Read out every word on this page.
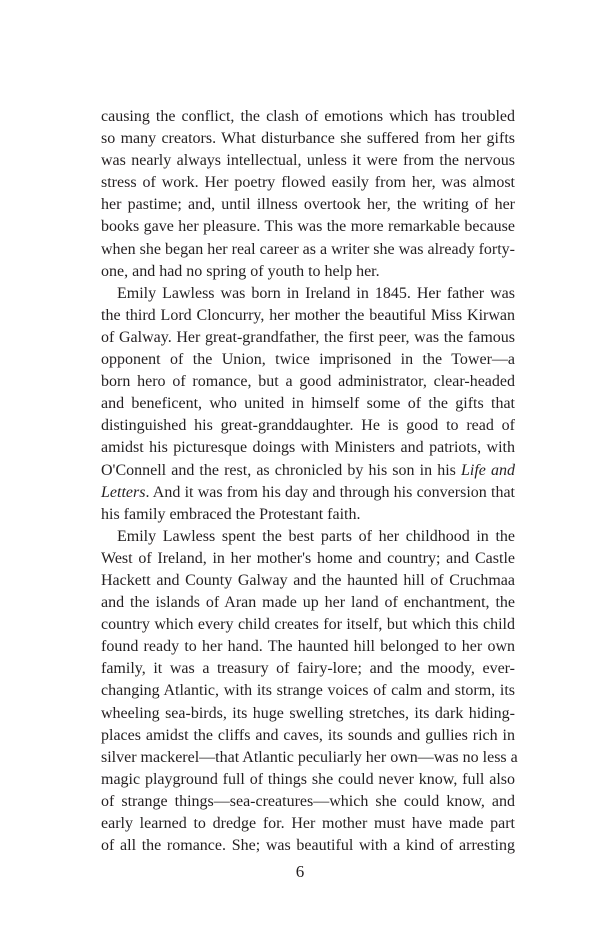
causing the conflict, the clash of emotions which has troubled
so many creators. What disturbance she suffered from her gifts
was nearly always intellectual, unless it were from the nervous
stress of work. Her poetry flowed easily from her, was almost
her pastime; and, until illness overtook her, the writing of her
books gave her pleasure. This was the more remarkable because
when she began her real career as a writer she was already forty-
one, and had no spring of youth to help her.
Emily Lawless was born in Ireland in 1845. Her father was
the third Lord Cloncurry, her mother the beautiful Miss Kirwan
of Galway. Her great-grandfather, the first peer, was the famous
opponent of the Union, twice imprisoned in the Tower—a
born hero of romance, but a good administrator, clear-headed
and beneficent, who united in himself some of the gifts that
distinguished his great-granddaughter. He is good to read of
amidst his picturesque doings with Ministers and patriots, with
O'Connell and the rest, as chronicled by his son in his Life and
Letters. And it was from his day and through his conversion that
his family embraced the Protestant faith.
Emily Lawless spent the best parts of her childhood in the
West of Ireland, in her mother's home and country; and Castle
Hackett and County Galway and the haunted hill of Cruchmaa
and the islands of Aran made up her land of enchantment, the
country which every child creates for itself, but which this child
found ready to her hand. The haunted hill belonged to her own
family, it was a treasury of fairy-lore; and the moody, ever-
changing Atlantic, with its strange voices of calm and storm, its
wheeling sea-birds, its huge swelling stretches, its dark hiding-
places amidst the cliffs and caves, its sounds and gullies rich in
silver mackerel—that Atlantic peculiarly her own—was no less a
magic playground full of things she could never know, full also
of strange things—sea-creatures—which she could know, and
early learned to dredge for. Her mother must have made part
of all the romance. She; was beautiful with a kind of arresting
6
